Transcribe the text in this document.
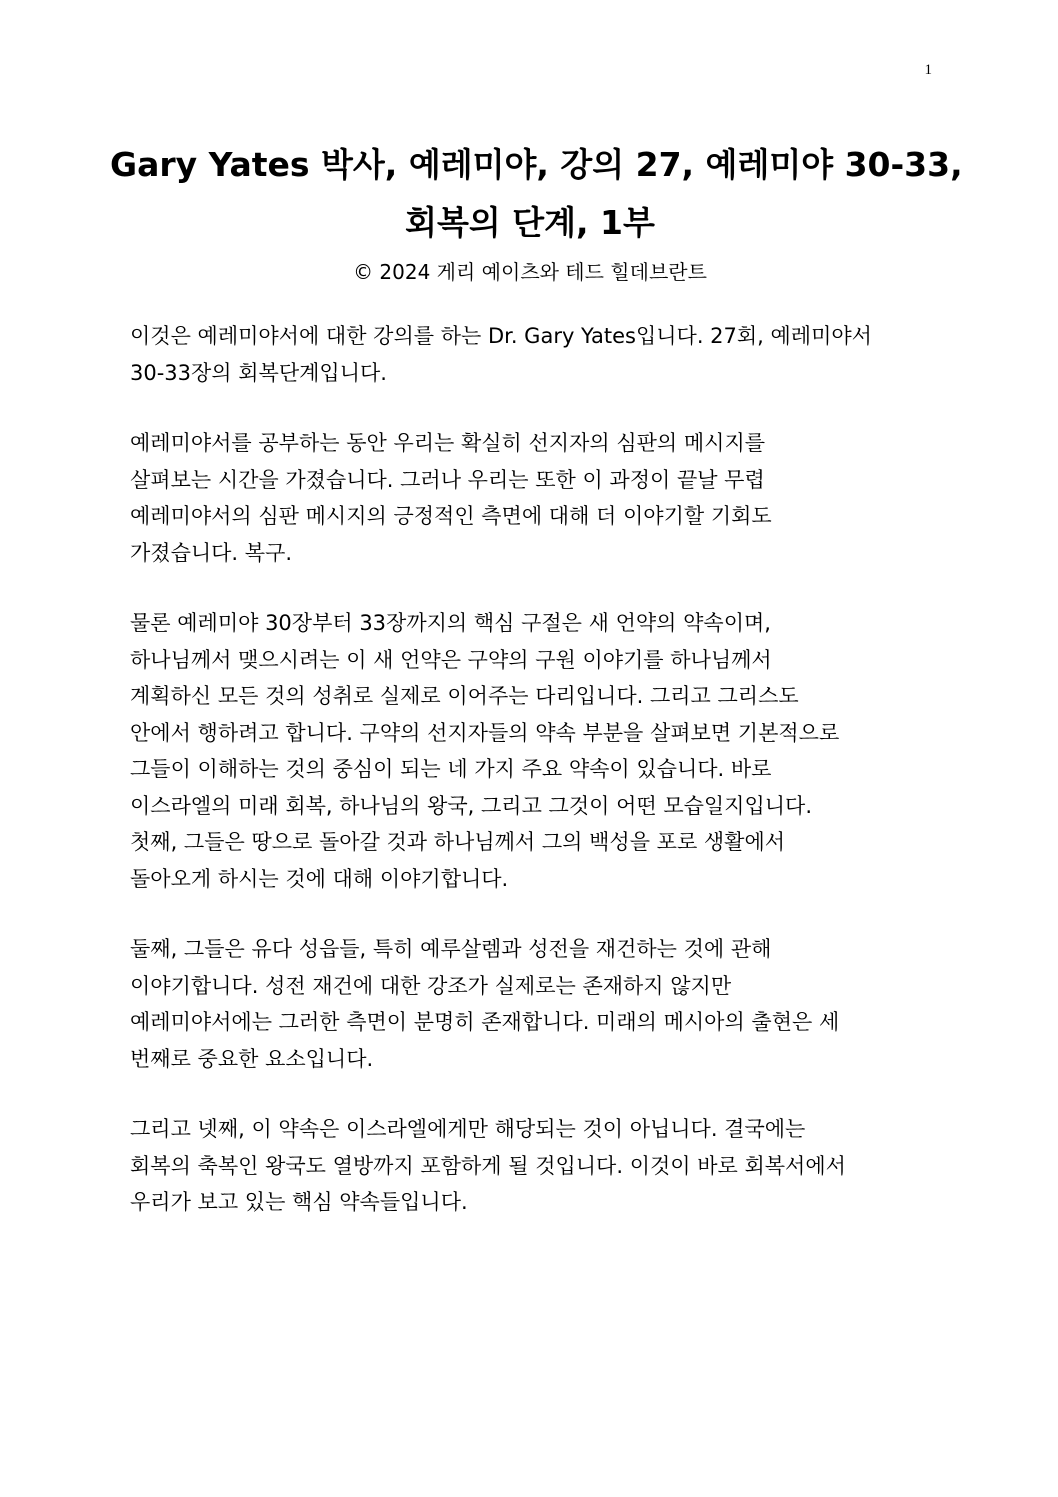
1
Gary Yates 박사, 예레미야, 강의 27, 예레미야 30-33,
회복의 단계, 1부

© 2024 게리 예이츠와 테드 힐데브란트

이것은 예레미야서에 대한 강의를 하는 Dr. Gary Yates입니다. 27회, 예레미야서
30-33장의 회복단계입니다.

예레미야서를 공부하는 동안 우리는 확실히 선지자의 심판의 메시지를
살펴보는 시간을 가졌습니다. 그러나 우리는 또한 이 과정이 끝날 무렵
예레미야서의 심판 메시지의 긍정적인 측면에 대해 더 이야기할 기회도
가졌습니다. 복구.

물론 예레미야 30장부터 33장까지의 핵심 구절은 새 언약의 약속이며,
하나님께서 맺으시려는 이 새 언약은 구약의 구원 이야기를 하나님께서
계획하신 모든 것의 성취로 실제로 이어주는 다리입니다. 그리고 그리스도
안에서 행하려고 합니다. 구약의 선지자들의 약속 부분을 살펴보면 기본적으로
그들이 이해하는 것의 중심이 되는 네 가지 주요 약속이 있습니다. 바로
이스라엘의 미래 회복, 하나님의 왕국, 그리고 그것이 어떤 모습일지입니다.
첫째, 그들은 땅으로 돌아갈 것과 하나님께서 그의 백성을 포로 생활에서
돌아오게 하시는 것에 대해 이야기합니다.

둘째, 그들은 유다 성읍들, 특히 예루살렘과 성전을 재건하는 것에 관해
이야기합니다. 성전 재건에 대한 강조가 실제로는 존재하지 않지만
예레미야서에는 그러한 측면이 분명히 존재합니다. 미래의 메시아의 출현은 세
번째로 중요한 요소입니다.

그리고 넷째, 이 약속은 이스라엘에게만 해당되는 것이 아닙니다. 결국에는
회복의 축복인 왕국도 열방까지 포함하게 될 것입니다. 이것이 바로 회복서에서
우리가 보고 있는 핵심 약속들입니다.
